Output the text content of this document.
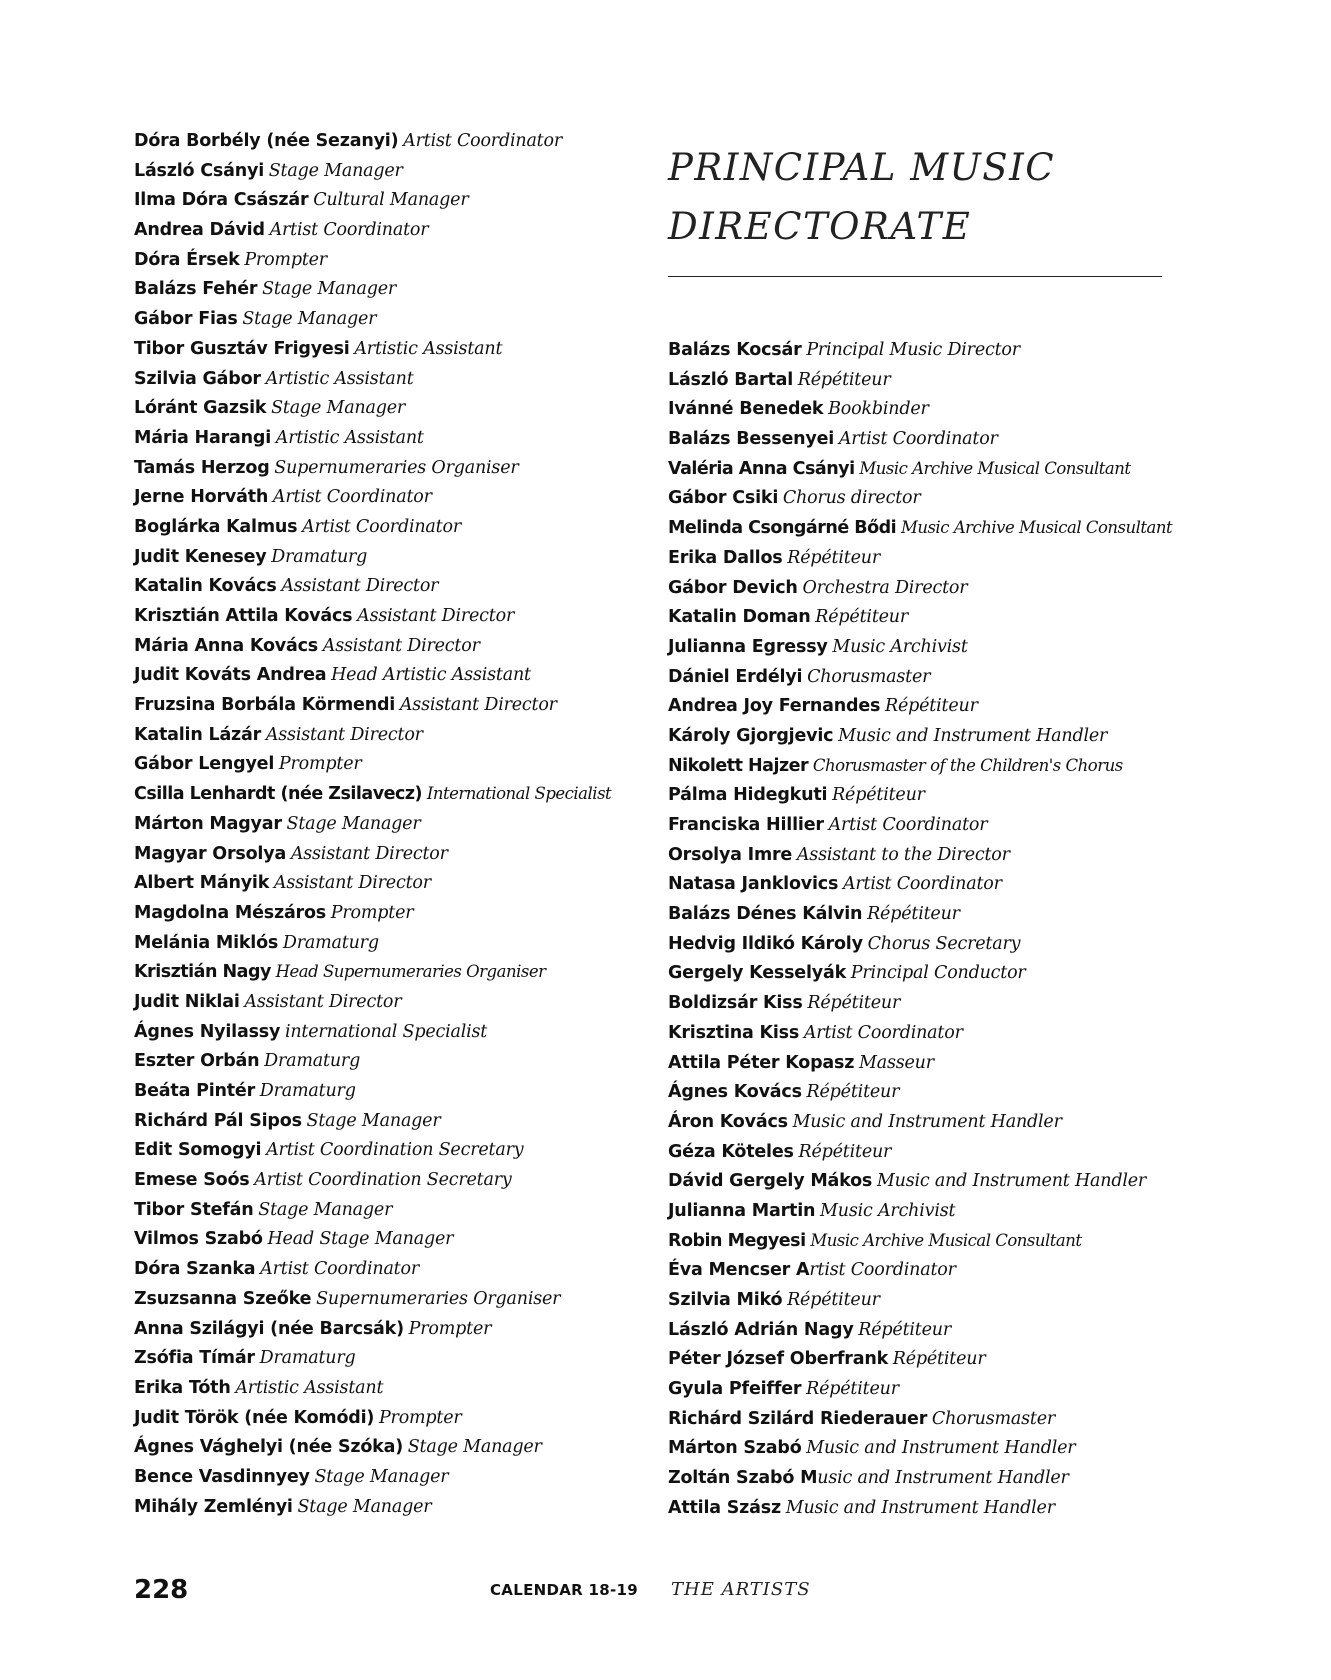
Dóra Borbély (née Sezanyi) Artist Coordinator
László Csányi Stage Manager
Ilma Dóra Császár Cultural Manager
Andrea Dávid Artist Coordinator
Dóra Érsek Prompter
Balázs Fehér Stage Manager
Gábor Fias Stage Manager
Tibor Gusztáv Frigyesi Artistic Assistant
Szilvia Gábor Artistic Assistant
Lóránt Gazsik Stage Manager
Mária Harangi Artistic Assistant
Tamás Herzog Supernumeraries Organiser
Jerne Horváth Artist Coordinator
Boglárka Kalmus Artist Coordinator
Judit Kenesey Dramaturg
Katalin Kovács Assistant Director
Krisztián Attila Kovács Assistant Director
Mária Anna Kovács Assistant Director
Judit Kováts Andrea Head Artistic Assistant
Fruzsina Borbála Körmendi Assistant Director
Katalin Lázár Assistant Director
Gábor Lengyel Prompter
Csilla Lenhardt (née Zsilavecz) International Specialist
Márton Magyar Stage Manager
Magyar Orsolya Assistant Director
Albert Mányik Assistant Director
Magdolna Mészáros Prompter
Melánia Miklós Dramaturg
Krisztián Nagy Head Supernumeraries Organiser
Judit Niklai Assistant Director
Ágnes Nyilassy international Specialist
Eszter Orbán Dramaturg
Beáta Pintér Dramaturg
Richárd Pál Sipos Stage Manager
Edit Somogyi Artist Coordination Secretary
Emese Soós Artist Coordination Secretary
Tibor Stefán Stage Manager
Vilmos Szabó Head Stage Manager
Dóra Szanka Artist Coordinator
Zsuzsanna Szeőke Supernumeraries Organiser
Anna Szilágyi (née Barcsák) Prompter
Zsófia Tímár Dramaturg
Erika Tóth Artistic Assistant
Judit Török (née Komódi) Prompter
Ágnes Vághelyi (née Szóka) Stage Manager
Bence Vasdinnyey Stage Manager
Mihály Zemlényi Stage Manager
PRINCIPAL MUSIC
DIRECTORATE
Balázs Kocsár Principal Music Director
László Bartal Répétiteur
Ivánné Benedek Bookbinder
Balázs Bessenyei Artist Coordinator
Valéria Anna Csányi Music Archive Musical Consultant
Gábor Csiki Chorus director
Melinda Csongárné Bődi Music Archive Musical Consultant
Erika Dallos Répétiteur
Gábor Devich Orchestra Director
Katalin Doman Répétiteur
Julianna Egressy Music Archivist
Dániel Erdélyi Chorusmaster
Andrea Joy Fernandes Répétiteur
Károly Gjorgjevic Music and Instrument Handler
Nikolett Hajzer Chorusmaster of the Children's Chorus
Pálma Hidegkuti Répétiteur
Franciska Hillier Artist Coordinator
Orsolya Imre Assistant to the Director
Natasa Janklovics Artist Coordinator
Balázs Dénes Kálvin Répétiteur
Hedvig Ildikó Károly Chorus Secretary
Gergely Kesselyák Principal Conductor
Boldizsár Kiss Répétiteur
Krisztina Kiss Artist Coordinator
Attila Péter Kopasz Masseur
Ágnes Kovács Répétiteur
Áron Kovács Music and Instrument Handler
Géza Köteles Répétiteur
Dávid Gergely Mákos Music and Instrument Handler
Julianna Martin Music Archivist
Robin Megyesi Music Archive Musical Consultant
Éva Mencser Artist Coordinator
Szilvia Mikó Répétiteur
László Adrián Nagy Répétiteur
Péter József Oberfrank Répétiteur
Gyula Pfeiffer Répétiteur
Richárd Szilárd Riederauer Chorusmaster
Márton Szabó Music and Instrument Handler
Zoltán Szabó Music and Instrument Handler
Attila Szász Music and Instrument Handler
228	CALENDAR 18-19 THE ARTISTS
